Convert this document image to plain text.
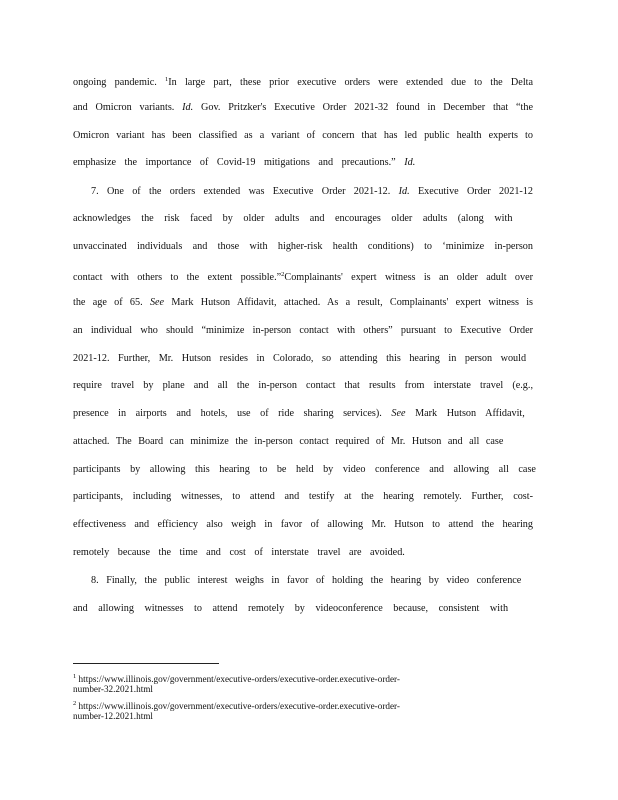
ongoing pandemic. $^1$In large part, these prior executive orders were extended due to the Delta
and Omicron variants. Id. Gov. Pritzker's Executive Order 2021-32 found in December that “the
Omicron variant has been classified as a variant of concern that has led public health experts to
emphasize the importance of Covid-19 mitigations and precautions.” Id.
7. One of the orders extended was Executive Order 2021-12. Id. Executive Order 2021-12
acknowledges the risk faced by older adults and encourages older adults (along with
unvaccinated individuals and those with higher-risk health conditions) to ‘minimize in-person
contact with others to the extent possible.”$^2$Complainants' expert witness is an older adult over
the age of 65. See Mark Hutson Affidavit, attached. As a result, Complainants' expert witness is
an individual who should “minimize in-person contact with others” pursuant to Executive Order
2021-12. Further, Mr. Hutson resides in Colorado, so attending this hearing in person would
require travel by plane and all the in-person contact that results from interstate travel (e.g.,
presence in airports and hotels, use of ride sharing services). See Mark Hutson Affidavit,
attached. The Board can minimize the in-person contact required of Mr. Hutson and all case
participants by allowing this hearing to be held by video conference and allowing all case
participants, including witnesses, to attend and testify at the hearing remotely. Further, cost-
effectiveness and efficiency also weigh in favor of allowing Mr. Hutson to attend the hearing
remotely because the time and cost of interstate travel are avoided.
8. Finally, the public interest weighs in favor of holding the hearing by video conference
and allowing witnesses to attend remotely by videoconference because, consistent with
$^1$ https://www.illinois.gov/government/executive-orders/executive-order.executive-order-
number-32.2021.html
$^2$ https://www.illinois.gov/government/executive-orders/executive-order.executive-order-
number-12.2021.html
